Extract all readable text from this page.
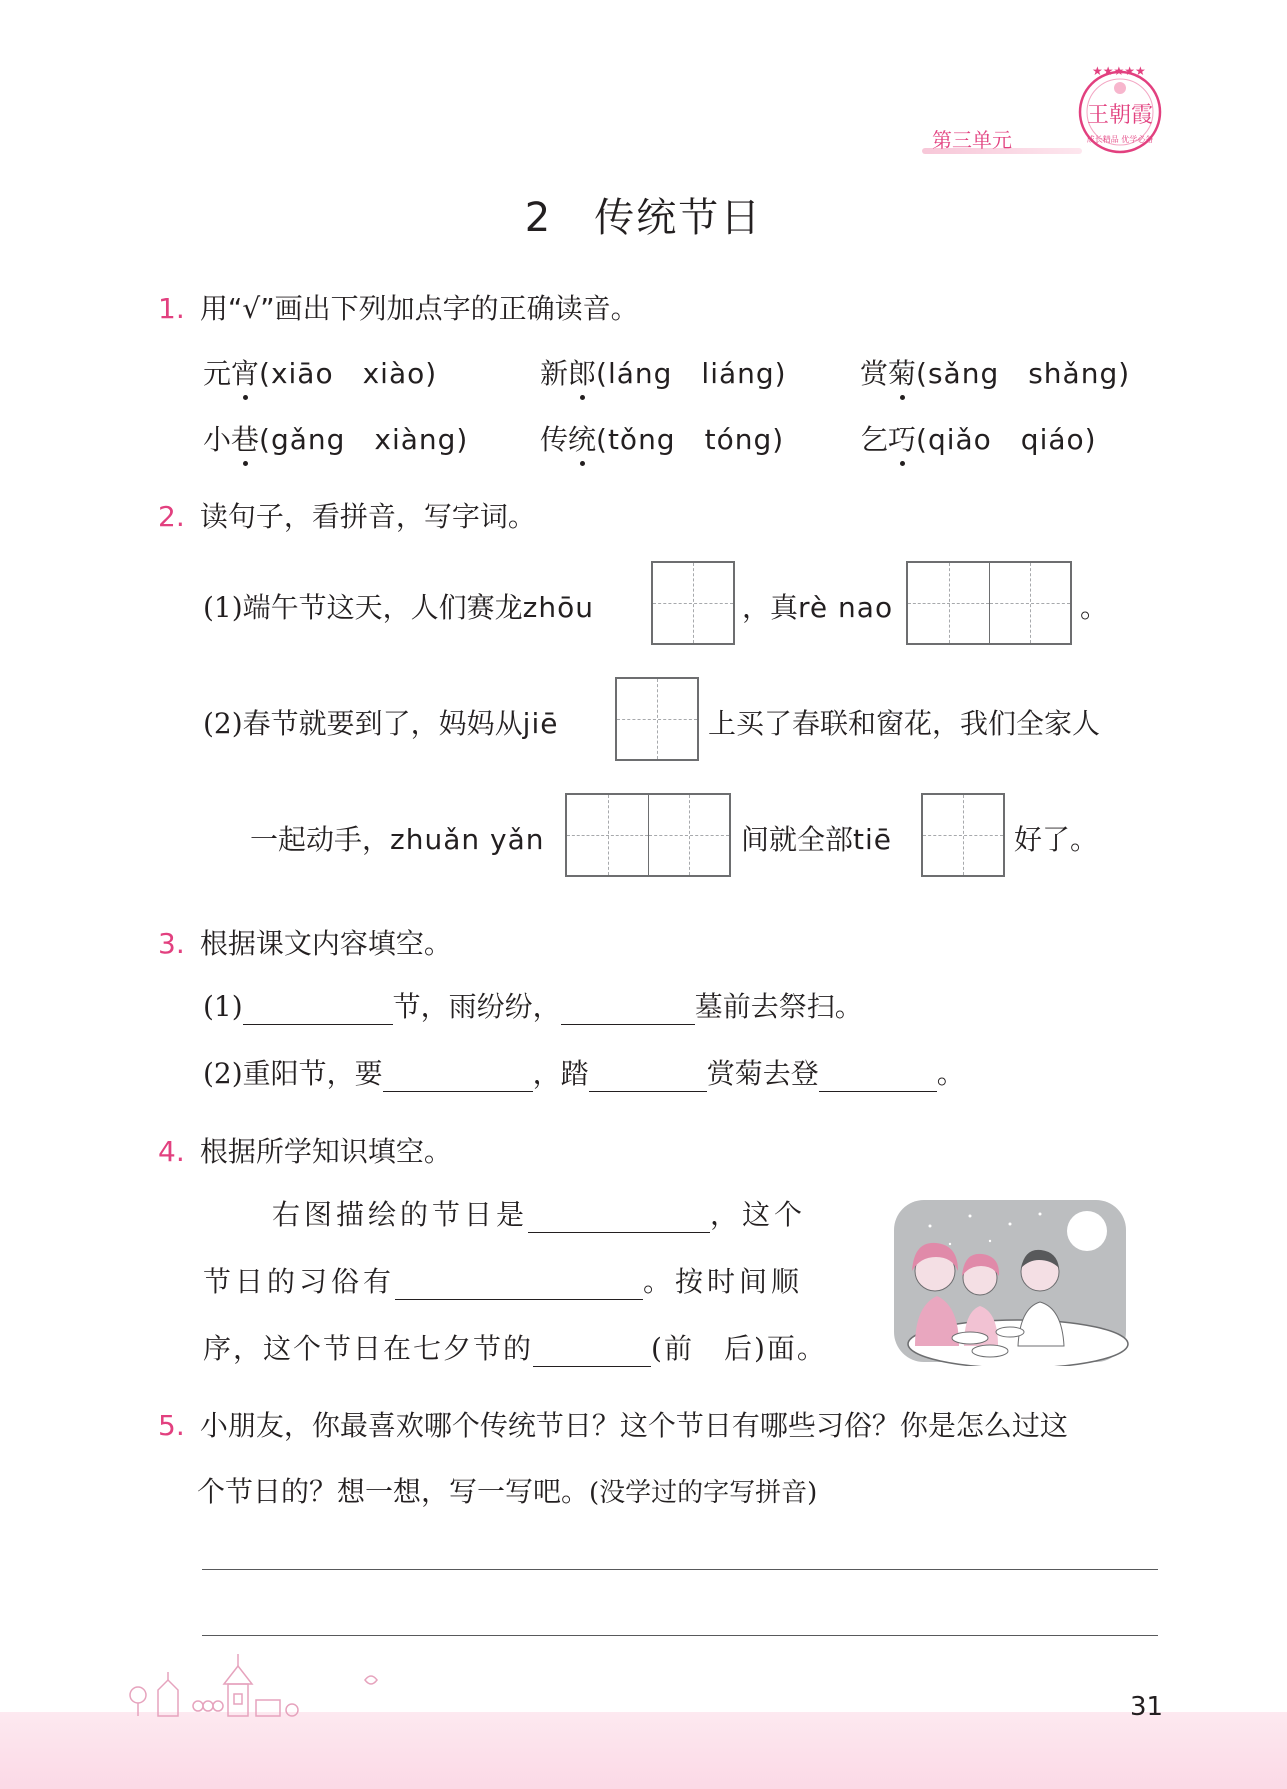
★★★★★
王朝霞
成长精品 优学必备
第三单元
2　传统节日
1. 用“√”画出下列加点字的正确读音。
元宵(xiāo　xiào)	新郎(láng　liáng)	赏菊(sǎng　shǎng)
小巷(gǎng　xiàng)	传统(tǒng　tóng)	乞巧(qiǎo　qiáo)
2. 读句子，看拼音，写字词。
(1)端午节这天，人们赛龙zhōu	，真rè nao	。
(2)春节就要到了，妈妈从jiē	上买了春联和窗花，我们全家人
一起动手，zhuǎn yǎn	间就全部tiē	好了。
3. 根据课文内容填空。
(1)	节，雨纷纷，	墓前去祭扫。
(2)重阳节，要	，踏	赏菊去登	。
4. 根据所学知识填空。
右图描绘的节日是	，这个
节日的习俗有	。按时间顺
序，这个节日在七夕节的	(前　后)面。
5. 小朋友，你最喜欢哪个传统节日？这个节日有哪些习俗？你是怎么过这
个节日的？想一想，写一写吧。(没学过的字写拼音)
31
